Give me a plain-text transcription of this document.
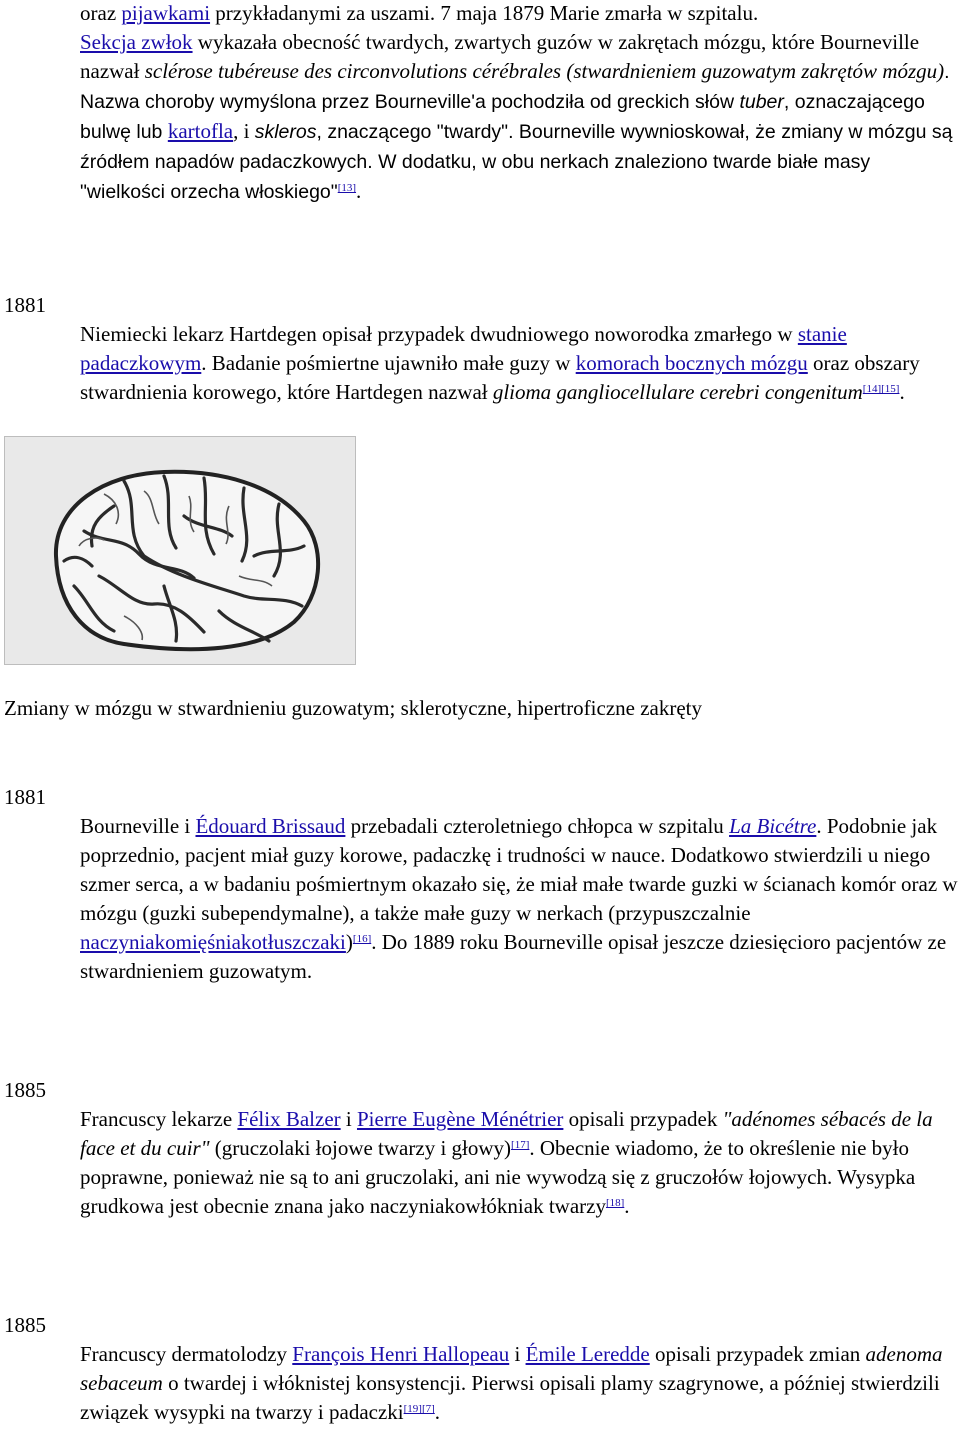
oraz pijawkami przykładanymi za uszami. 7 maja 1879 Marie zmarła w szpitalu.
Sekcja zwłok wykazała obecność twardych, zwartych guzów w zakrętach mózgu, które Bourneville nazwał sclérose tubéreuse des circonvolutions cérébrales (stwardnieniem guzowatym zakrętów mózgu). Nazwa choroby wymyślona przez Bourneville'a pochodziła od greckich słów tuber, oznaczającego bulwę lub kartofla, i skleros, znaczącego "twardy". Bourneville wywnioskował, że zmiany w mózgu są źródłem napadów padaczkowych. W dodatku, w obu nerkach znaleziono twarde białe masy "wielkości orzecha włoskiego"[13].

1881

Niemiecki lekarz Hartdegen opisał przypadek dwudniowego noworodka zmarłego w stanie padaczkowym. Badanie pośmiertne ujawniło małe guzy w komorach bocznych mózgu oraz obszary stwardnienia korowego, które Hartdegen nazwał glioma gangliocellulare cerebri congenitum[14][15].

Zmiany w mózgu w stwardnieniu guzowatym; sklerotyczne, hipertroficzne zakręty

1881

Bourneville i Édouard Brissaud przebadali czteroletniego chłopca w szpitalu La Bicétre. Podobnie jak poprzednio, pacjent miał guzy korowe, padaczkę i trudności w nauce. Dodatkowo stwierdzili u niego szmer serca, a w badaniu pośmiertnym okazało się, że miał małe twarde guzki w ścianach komór oraz w mózgu (guzki subependymalne), a także małe guzy w nerkach (przypuszczalnie naczyniakomięśniakotłuszczaki)[16]. Do 1889 roku Bourneville opisał jeszcze dziesięcioro pacjentów ze stwardnieniem guzowatym.

1885

Francuscy lekarze Félix Balzer i Pierre Eugène Ménétrier opisali przypadek "adénomes sébacés de la face et du cuir" (gruczolaki łojowe twarzy i głowy)[17]. Obecnie wiadomo, że to określenie nie było poprawne, ponieważ nie są to ani gruczolaki, ani nie wywodzą się z gruczołów łojowych. Wysypka grudkowa jest obecnie znana jako naczyniakowłókniak twarzy[18].

1885

Francuscy dermatolodzy François Henri Hallopeau i Émile Leredde opisali przypadek zmian adenoma sebaceum o twardej i włóknistej konsystencji. Pierwsi opisali plamy szagrynowe, a później stwierdzili związek wysypki na twarzy i padaczki[19][7].
